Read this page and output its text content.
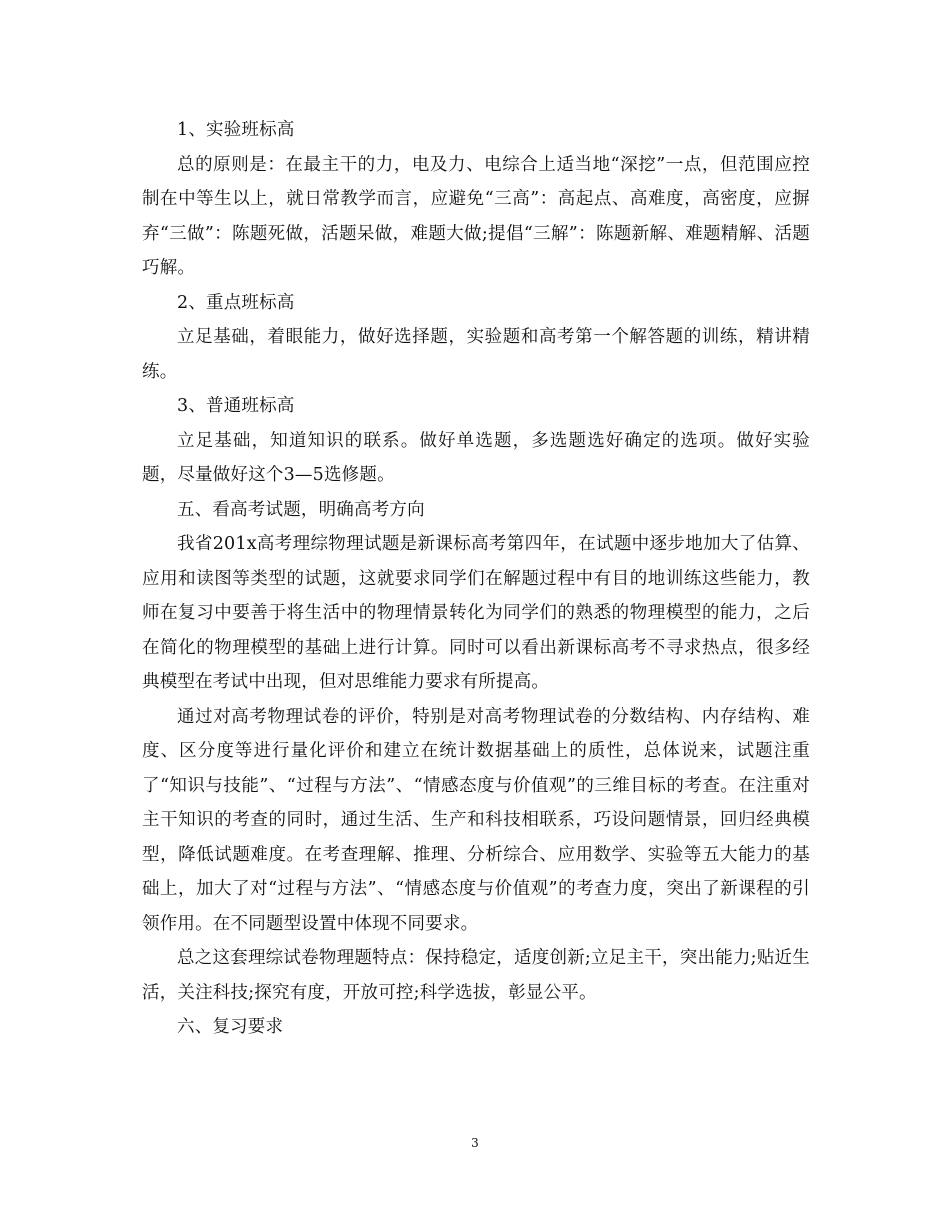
1、实验班标高

总的原则是：在最主干的力，电及力、电综合上适当地“深挖”一点，但范围应控制在中等生以上，就日常教学而言，应避免“三高”：高起点、高难度，高密度，应摒弃“三做”：陈题死做，活题呆做，难题大做;提倡“三解”：陈题新解、难题精解、活题巧解。

2、重点班标高

立足基础，着眼能力，做好选择题，实验题和高考第一个解答题的训练，精讲精练。

3、普通班标高

立足基础，知道知识的联系。做好单选题，多选题选好确定的选项。做好实验题，尽量做好这个3—5选修题。

五、看高考试题，明确高考方向

我省201x高考理综物理试题是新课标高考第四年，在试题中逐步地加大了估算、应用和读图等类型的试题，这就要求同学们在解题过程中有目的地训练这些能力，教师在复习中要善于将生活中的物理情景转化为同学们的熟悉的物理模型的能力，之后在简化的物理模型的基础上进行计算。同时可以看出新课标高考不寻求热点，很多经典模型在考试中出现，但对思维能力要求有所提高。

通过对高考物理试卷的评价，特别是对高考物理试卷的分数结构、内存结构、难度、区分度等进行量化评价和建立在统计数据基础上的质性，总体说来，试题注重了“知识与技能”、“过程与方法”、“情感态度与价值观”的三维目标的考查。在注重对主干知识的考查的同时，通过生活、生产和科技相联系，巧设问题情景，回归经典模型，降低试题难度。在考查理解、推理、分析综合、应用数学、实验等五大能力的基础上，加大了对“过程与方法”、“情感态度与价值观”的考查力度，突出了新课程的引领作用。在不同题型设置中体现不同要求。

总之这套理综试卷物理题特点：保持稳定，适度创新;立足主干，突出能力;贴近生活，关注科技;探究有度，开放可控;科学选拔，彰显公平。

六、复习要求

3
